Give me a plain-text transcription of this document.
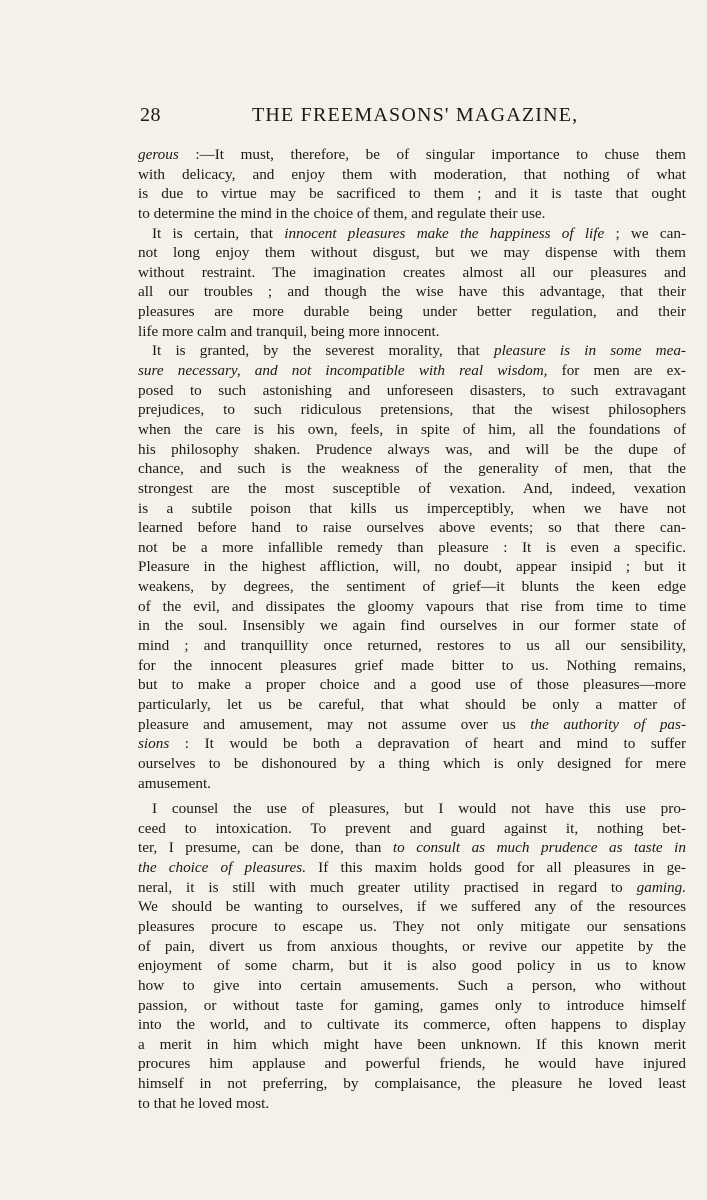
28	THE FREEMASONS' MAGAZINE,
gerous :—It must, therefore, be of singular importance to chuse them
with delicacy, and enjoy them with moderation, that nothing of what
is due to virtue may be sacrificed to them ; and it is taste that ought
to determine the mind in the choice of them, and regulate their use.
It is certain, that innocent pleasures make the happiness of life ; we can-
not long enjoy them without disgust, but we may dispense with them
without restraint. The imagination creates almost all our pleasures and
all our troubles ; and though the wise have this advantage, that their
pleasures are more durable being under better regulation, and their
life more calm and tranquil, being more innocent.
It is granted, by the severest morality, that pleasure is in some mea-
sure necessary, and not incompatible with real wisdom, for men are ex-
posed to such astonishing and unforeseen disasters, to such extravagant
prejudices, to such ridiculous pretensions, that the wisest philosophers
when the care is his own, feels, in spite of him, all the foundations of
his philosophy shaken. Prudence always was, and will be the dupe of
chance, and such is the weakness of the generality of men, that the
strongest are the most susceptible of vexation. And, indeed, vexation
is a subtile poison that kills us imperceptibly, when we have not
learned before hand to raise ourselves above events; so that there can-
not be a more infallible remedy than pleasure : It is even a specific.
Pleasure in the highest affliction, will, no doubt, appear insipid ; but it
weakens, by degrees, the sentiment of grief—it blunts the keen edge
of the evil, and dissipates the gloomy vapours that rise from time to time
in the soul. Insensibly we again find ourselves in our former state of
mind ; and tranquillity once returned, restores to us all our sensibility,
for the innocent pleasures grief made bitter to us. Nothing remains,
but to make a proper choice and a good use of those pleasures—more
particularly, let us be careful, that what should be only a matter of
pleasure and amusement, may not assume over us the authority of pas-
sions : It would be both a depravation of heart and mind to suffer
ourselves to be dishonoured by a thing which is only designed for mere
amusement.
I counsel the use of pleasures, but I would not have this use pro-
ceed to intoxication. To prevent and guard against it, nothing bet-
ter, I presume, can be done, than to consult as much prudence as taste in
the choice of pleasures. If this maxim holds good for all pleasures in ge-
neral, it is still with much greater utility practised in regard to gaming.
We should be wanting to ourselves, if we suffered any of the resources
pleasures procure to escape us. They not only mitigate our sensations
of pain, divert us from anxious thoughts, or revive our appetite by the
enjoyment of some charm, but it is also good policy in us to know
how to give into certain amusements. Such a person, who without
passion, or without taste for gaming, games only to introduce himself
into the world, and to cultivate its commerce, often happens to display
a merit in him which might have been unknown. If this known merit
procures him applause and powerful friends, he would have injured
himself in not preferring, by complaisance, the pleasure he loved least
to that he loved most.
